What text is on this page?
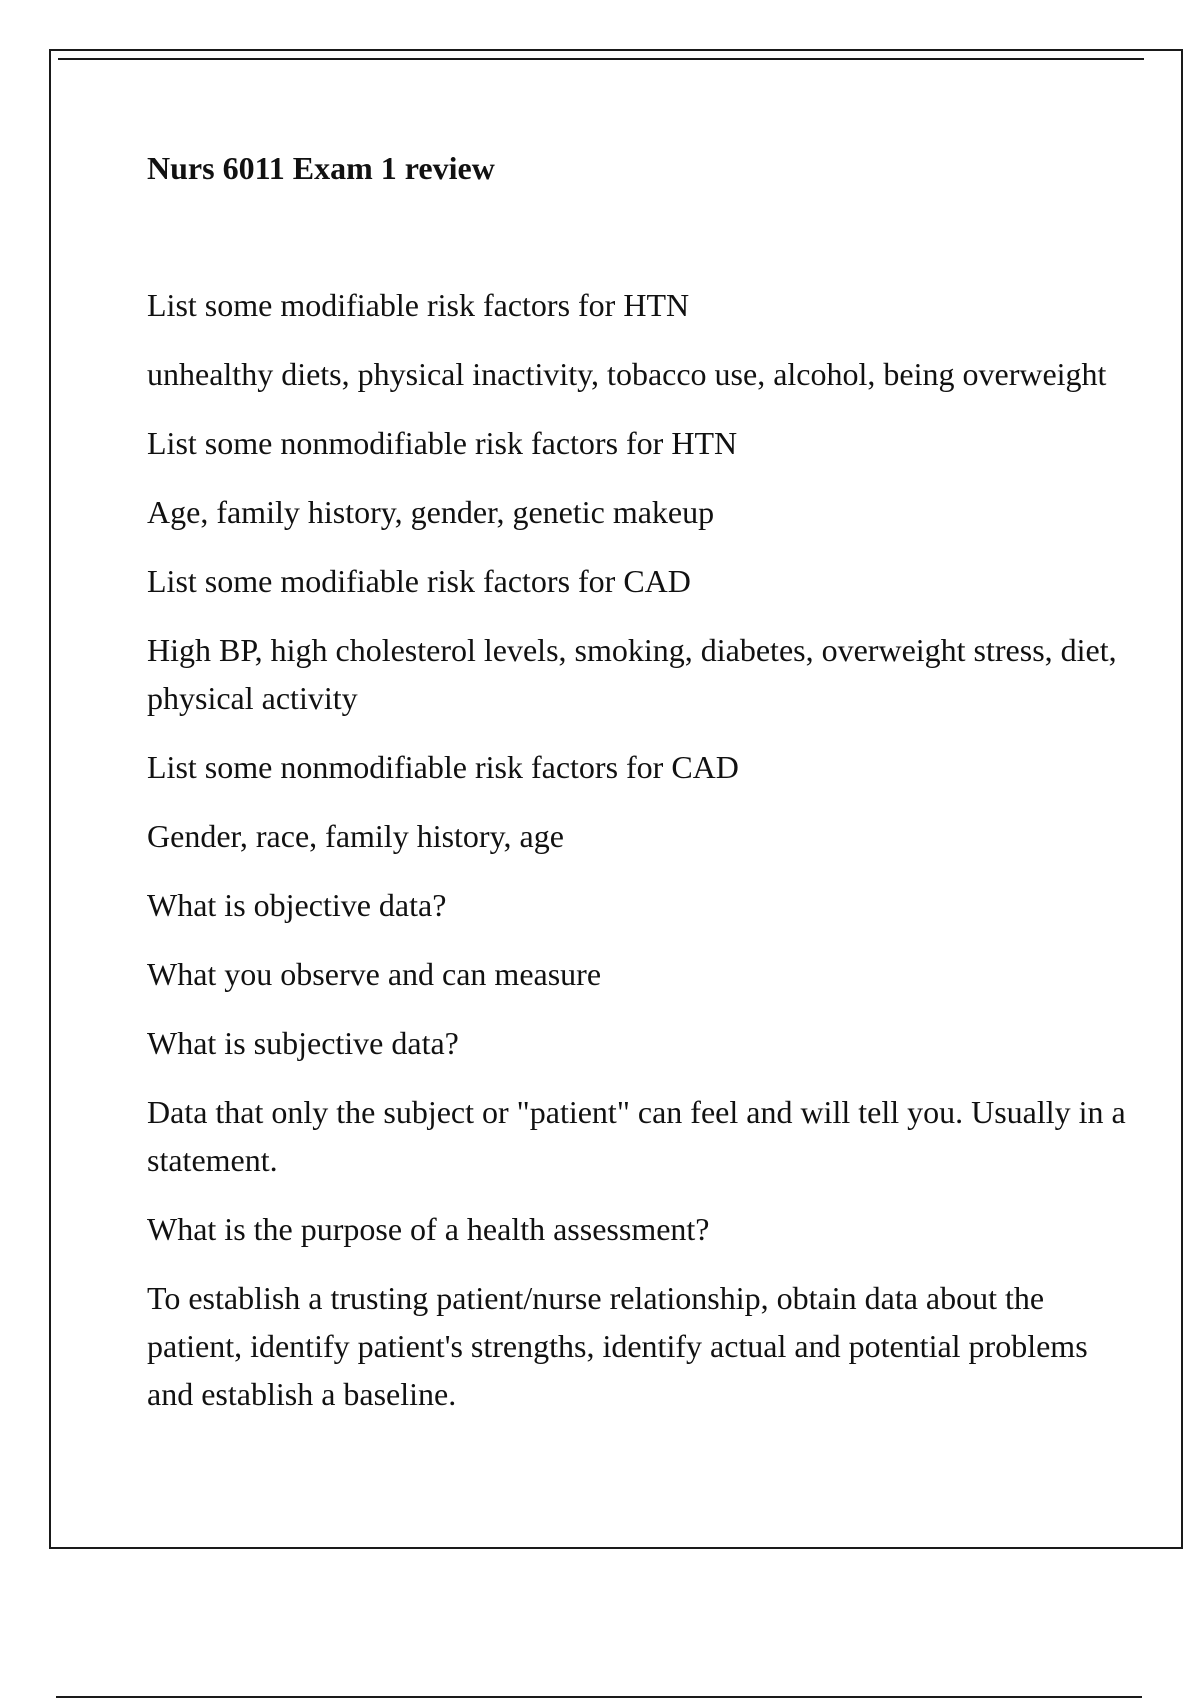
Nurs 6011 Exam 1 review
List some modifiable risk factors for HTN
unhealthy diets, physical inactivity, tobacco use, alcohol, being overweight
List some nonmodifiable risk factors for HTN
Age, family history, gender, genetic makeup
List some modifiable risk factors for CAD
High BP, high cholesterol levels, smoking, diabetes, overweight stress, diet, physical activity
List some nonmodifiable risk factors for CAD
Gender, race, family history, age
What is objective data?
What you observe and can measure
What is subjective data?
Data that only the subject or "patient" can feel and will tell you. Usually in a statement.
What is the purpose of a health assessment?
To establish a trusting patient/nurse relationship, obtain data about the patient, identify patient's strengths, identify actual and potential problems and establish a baseline.
